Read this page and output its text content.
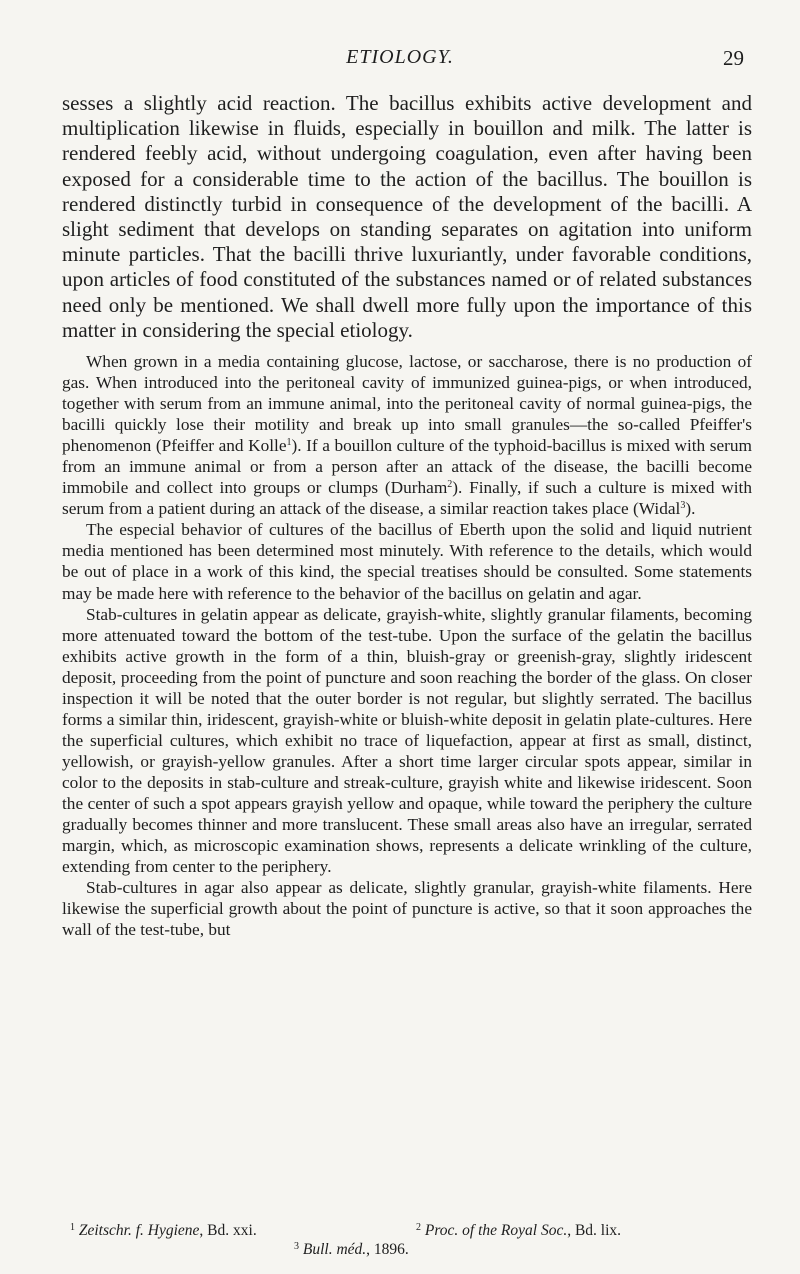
ETIOLOGY.	29

sesses a slightly acid reaction. The bacillus exhibits active development and multiplication likewise in fluids, especially in bouillon and milk. The latter is rendered feebly acid, without undergoing coagulation, even after having been exposed for a considerable time to the action of the bacillus. The bouillon is rendered distinctly turbid in consequence of the development of the bacilli. A slight sediment that develops on standing separates on agitation into uniform minute particles. That the bacilli thrive luxuriantly, under favorable conditions, upon articles of food constituted of the substances named or of related substances need only be mentioned. We shall dwell more fully upon the importance of this matter in considering the special etiology.

When grown in a media containing glucose, lactose, or saccharose, there is no production of gas. When introduced into the peritoneal cavity of immunized guinea-pigs, or when introduced, together with serum from an immune animal, into the peritoneal cavity of normal guinea-pigs, the bacilli quickly lose their motility and break up into small granules—the so-called Pfeiffer's phenomenon (Pfeiffer and Kolle$^1$). If a bouillon culture of the typhoid-bacillus is mixed with serum from an immune animal or from a person after an attack of the disease, the bacilli become immobile and collect into groups or clumps (Durham$^2$). Finally, if such a culture is mixed with serum from a patient during an attack of the disease, a similar reaction takes place (Widal$^3$).

The especial behavior of cultures of the bacillus of Eberth upon the solid and liquid nutrient media mentioned has been determined most minutely. With reference to the details, which would be out of place in a work of this kind, the special treatises should be consulted. Some statements may be made here with reference to the behavior of the bacillus on gelatin and agar.

Stab-cultures in gelatin appear as delicate, grayish-white, slightly granular filaments, becoming more attenuated toward the bottom of the test-tube. Upon the surface of the gelatin the bacillus exhibits active growth in the form of a thin, bluish-gray or greenish-gray, slightly iridescent deposit, proceeding from the point of puncture and soon reaching the border of the glass. On closer inspection it will be noted that the outer border is not regular, but slightly serrated. The bacillus forms a similar thin, iridescent, grayish-white or bluish-white deposit in gelatin plate-cultures. Here the superficial cultures, which exhibit no trace of liquefaction, appear at first as small, distinct, yellowish, or grayish-yellow granules. After a short time larger circular spots appear, similar in color to the deposits in stab-culture and streak-culture, grayish white and likewise iridescent. Soon the center of such a spot appears grayish yellow and opaque, while toward the periphery the culture gradually becomes thinner and more translucent. These small areas also have an irregular, serrated margin, which, as microscopic examination shows, represents a delicate wrinkling of the culture, extending from center to the periphery.

Stab-cultures in agar also appear as delicate, slightly granular, grayish-white filaments. Here likewise the superficial growth about the point of puncture is active, so that it soon approaches the wall of the test-tube, but

$^1$ Zeitschr. f. Hygiene, Bd. xxi.	$^2$ Proc. of the Royal Soc., Bd. lix.
$^3$ Bull. méd., 1896.
